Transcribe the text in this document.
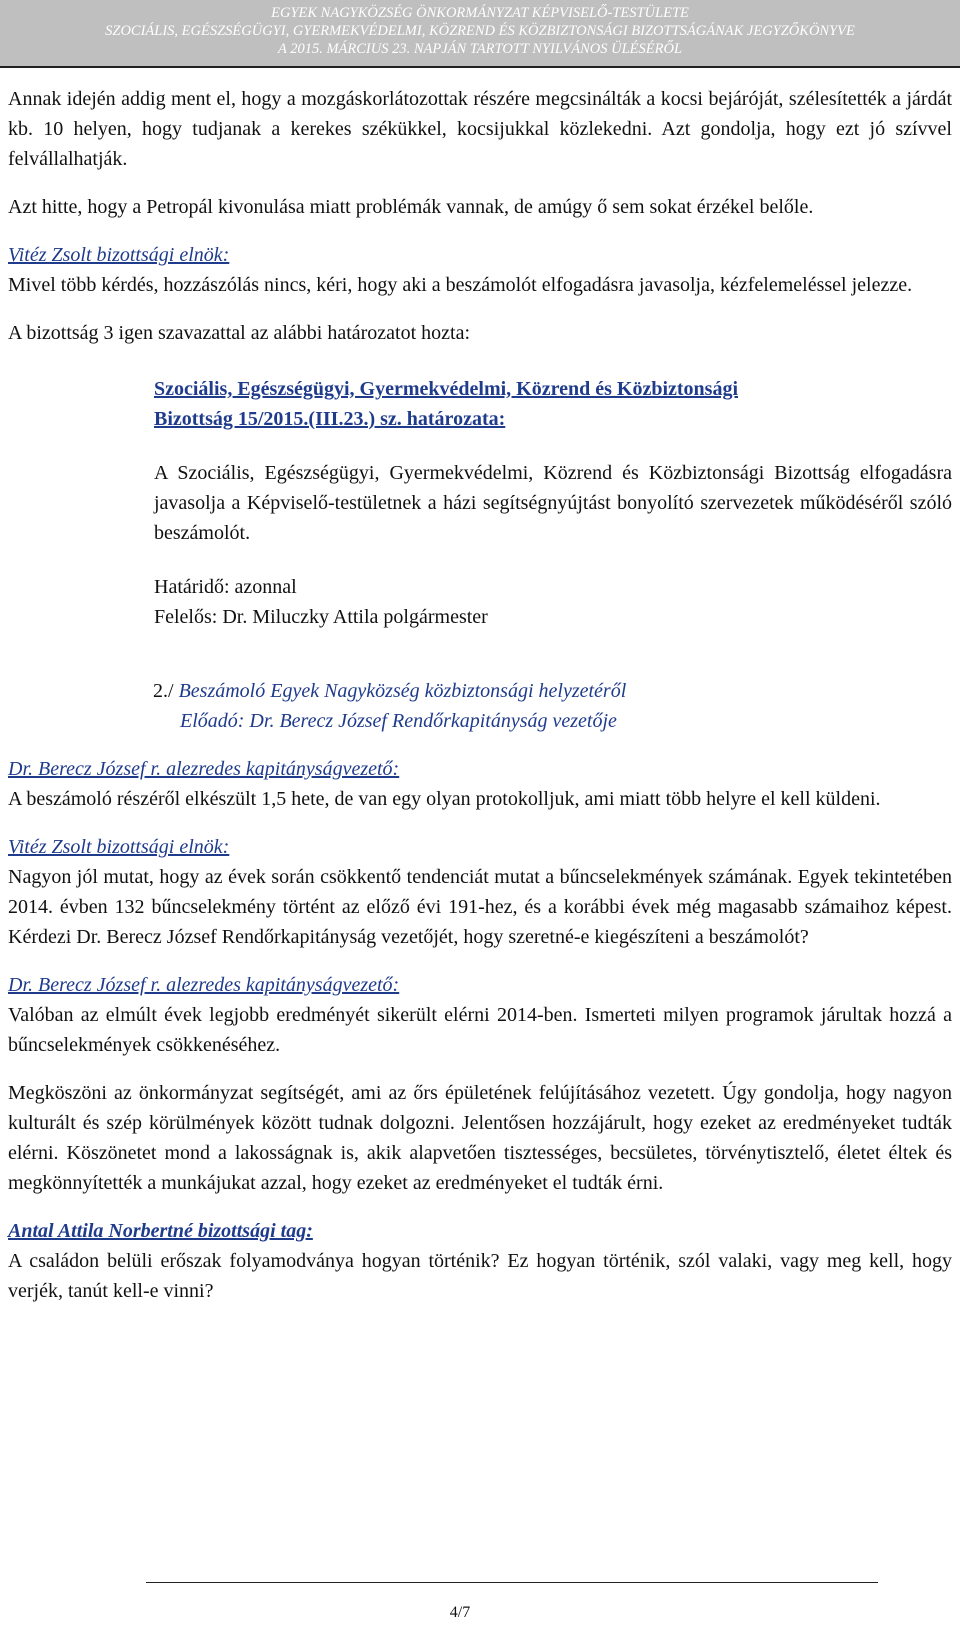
EGYEK NAGYKÖZSÉG ÖNKORMÁNYZAT KÉPVISELŐ-TESTÜLETE
SZOCIÁLIS, EGÉSZSÉGÜGYI, GYERMEKVÉDELMI, KÖZREND ÉS KÖZBIZTONSÁGI BIZOTTSÁGÁNAK JEGYZŐKÖNYVE
A 2015. MÁRCIUS 23. NAPJÁN TARTOTT NYILVÁNOS ÜLÉSÉRŐL

Annak idején addig ment el, hogy a mozgáskorlátozottak részére megcsinálták a kocsi bejáróját, szélesítették a járdát kb. 10 helyen, hogy tudjanak a kerekes székükkel, kocsijukkal közlekedni. Azt gondolja, hogy ezt jó szívvel felvállalhatják.

Azt hitte, hogy a Petropál kivonulása miatt problémák vannak, de amúgy ő sem sokat érzékel belőle.

Vitéz Zsolt bizottsági elnök:

Mivel több kérdés, hozzászólás nincs, kéri, hogy aki a beszámolót elfogadásra javasolja, kézfelemeléssel jelezze.

A bizottság 3 igen szavazattal az alábbi határozatot hozta:

Szociális, Egészségügyi, Gyermekvédelmi, Közrend és Közbiztonsági

Bizottság 15/2015.(III.23.) sz. határozata:

A Szociális, Egészségügyi, Gyermekvédelmi, Közrend és Közbiztonsági Bizottság elfogadásra javasolja a Képviselő-testületnek a házi segítségnyújtást bonyolító szervezetek működéséről szóló beszámolót.

Határidő: azonnal

Felelős: Dr. Miluczky Attila polgármester

2./ Beszámoló Egyek Nagyközség közbiztonsági helyzetéről

Előadó: Dr. Berecz József Rendőrkapitányság vezetője

Dr. Berecz József r. alezredes kapitányságvezető:

A beszámoló részéről elkészült 1,5 hete, de van egy olyan protokolljuk, ami miatt több helyre el kell küldeni.

Vitéz Zsolt bizottsági elnök:

Nagyon jól mutat, hogy az évek során csökkentő tendenciát mutat a bűncselekmények számának. Egyek tekintetében 2014. évben 132 bűncselekmény történt az előző évi 191-hez, és a korábbi évek még magasabb számaihoz képest. Kérdezi Dr. Berecz József Rendőrkapitányság vezetőjét, hogy szeretné-e kiegészíteni a beszámolót?

Dr. Berecz József r. alezredes kapitányságvezető:

Valóban az elmúlt évek legjobb eredményét sikerült elérni 2014-ben. Ismerteti milyen programok járultak hozzá a bűncselekmények csökkenéséhez.

Megköszöni az önkormányzat segítségét, ami az őrs épületének felújításához vezetett. Úgy gondolja, hogy nagyon kulturált és szép körülmények között tudnak dolgozni. Jelentősen hozzájárult, hogy ezeket az eredményeket tudták elérni. Köszönetet mond a lakosságnak is, akik alapvetően tisztességes, becsületes, törvénytisztelő, életet éltek és megkönnyítették a munkájukat azzal, hogy ezeket az eredményeket el tudták érni.

Antal Attila Norbertné bizottsági tag:

A családon belüli erőszak folyamodványa hogyan történik? Ez hogyan történik, szól valaki, vagy meg kell, hogy verjék, tanút kell-e vinni?

4/7
